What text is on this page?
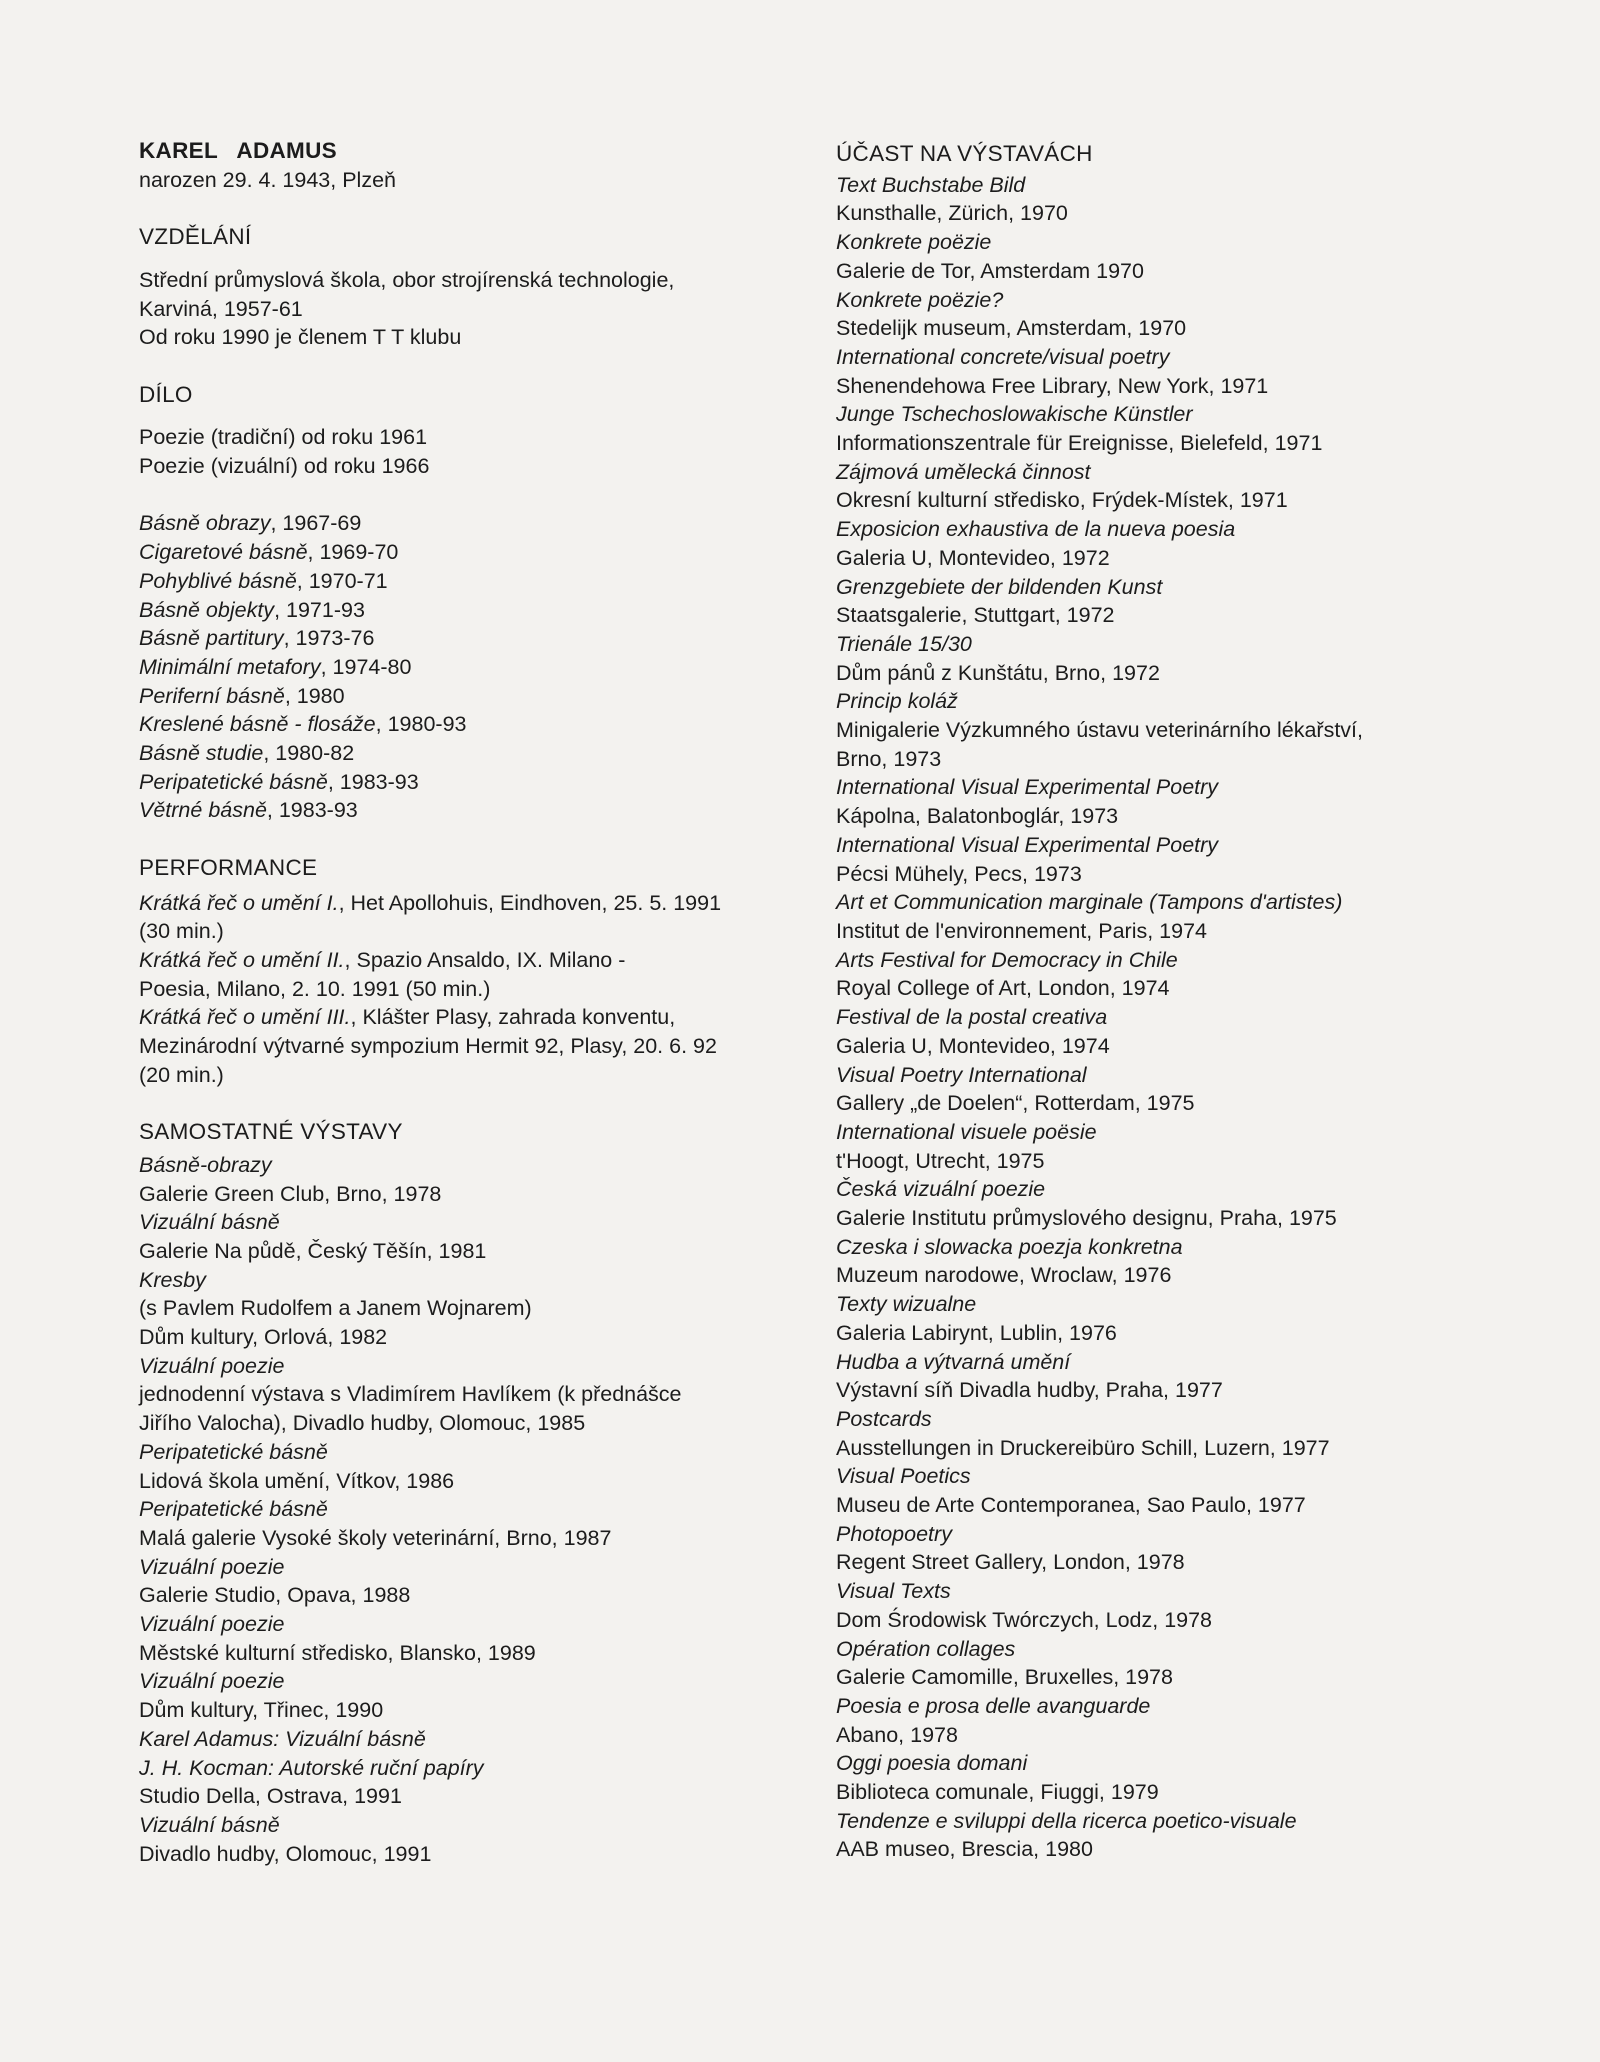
KAREL   ADAMUS
narozen 29. 4. 1943, Plzeň
VZDĚLÁNÍ
Střední průmyslová škola, obor strojírenská technologie,
Karviná, 1957-61
Od roku 1990 je členem T T klubu
DÍLO
Poezie (tradiční) od roku 1961
Poezie (vizuální) od roku 1966
Básně obrazy, 1967-69
Cigaretové básně, 1969-70
Pohyblivé básně, 1970-71
Básně objekty, 1971-93
Básně partitury, 1973-76
Minimální metafory, 1974-80
Periferní básně, 1980
Kreslené básně - flosáže, 1980-93
Básně studie, 1980-82
Peripatetické básně, 1983-93
Větrné básně, 1983-93
PERFORMANCE
Krátká řeč o umění I., Het Apollohuis, Eindhoven, 25. 5. 1991
(30 min.)
Krátká řeč o umění II., Spazio Ansaldo, IX. Milano -
Poesia, Milano, 2. 10. 1991 (50 min.)
Krátká řeč o umění III., Klášter Plasy, zahrada konventu,
Mezinárodní výtvarné sympozium Hermit 92, Plasy, 20. 6. 92
(20 min.)
SAMOSTATNÉ VÝSTAVY
Básně-obrazy
Galerie Green Club, Brno, 1978
Vizuální básně
Galerie Na půdě, Český Těšín, 1981
Kresby
(s Pavlem Rudolfem a Janem Wojnarem)
Dům kultury, Orlová, 1982
Vizuální poezie
jednodenní výstava s Vladimírem Havlíkem (k přednášce
Jiřího Valocha), Divadlo hudby, Olomouc, 1985
Peripatetické básně
Lidová škola umění, Vítkov, 1986
Peripatetické básně
Malá galerie Vysoké školy veterinární, Brno, 1987
Vizuální poezie
Galerie Studio, Opava, 1988
Vizuální poezie
Městské kulturní středisko, Blansko, 1989
Vizuální poezie
Dům kultury, Třinec, 1990
Karel Adamus: Vizuální básně
J. H. Kocman: Autorské ruční papíry
Studio Della, Ostrava, 1991
Vizuální básně
Divadlo hudby, Olomouc, 1991
ÚČAST NA VÝSTAVÁCH
Text Buchstabe Bild
Kunsthalle, Zürich, 1970
Konkrete poëzie
Galerie de Tor, Amsterdam 1970
Konkrete poëzie?
Stedelijk museum, Amsterdam, 1970
International concrete/visual poetry
Shenendehowa Free Library, New York, 1971
Junge Tschechoslowakische Künstler
Informationszentrale für Ereignisse, Bielefeld, 1971
Zájmová umělecká činnost
Okresní kulturní středisko, Frýdek-Místek, 1971
Exposicion exhaustiva de la nueva poesia
Galeria U, Montevideo, 1972
Grenzgebiete der bildenden Kunst
Staatsgalerie, Stuttgart, 1972
Trienále 15/30
Dům pánů z Kunštátu, Brno, 1972
Princip koláž
Minigalerie Výzkumného ústavu veterinárního lékařství,
Brno, 1973
International Visual Experimental Poetry
Kápolna, Balatonboglár, 1973
International Visual Experimental Poetry
Pécsi Mühely, Pecs, 1973
Art et Communication marginale (Tampons d'artistes)
Institut de l'environnement, Paris, 1974
Arts Festival for Democracy in Chile
Royal College of Art, London, 1974
Festival de la postal creativa
Galeria U, Montevideo, 1974
Visual Poetry International
Gallery „de Doelen“, Rotterdam, 1975
International visuele poësie
t'Hoogt, Utrecht, 1975
Česká vizuální poezie
Galerie Institutu průmyslového designu, Praha, 1975
Czeska i slowacka poezja konkretna
Muzeum narodowe, Wroclaw, 1976
Texty wizualne
Galeria Labirynt, Lublin, 1976
Hudba a výtvarná umění
Výstavní síň Divadla hudby, Praha, 1977
Postcards
Ausstellungen in Druckereibüro Schill, Luzern, 1977
Visual Poetics
Museu de Arte Contemporanea, Sao Paulo, 1977
Photopoetry
Regent Street Gallery, London, 1978
Visual Texts
Dom Środowisk Twórczych, Lodz, 1978
Opération collages
Galerie Camomille, Bruxelles, 1978
Poesia e prosa delle avanguarde
Abano, 1978
Oggi poesia domani
Biblioteca comunale, Fiuggi, 1979
Tendenze e sviluppi della ricerca poetico-visuale
AAB museo, Brescia, 1980
